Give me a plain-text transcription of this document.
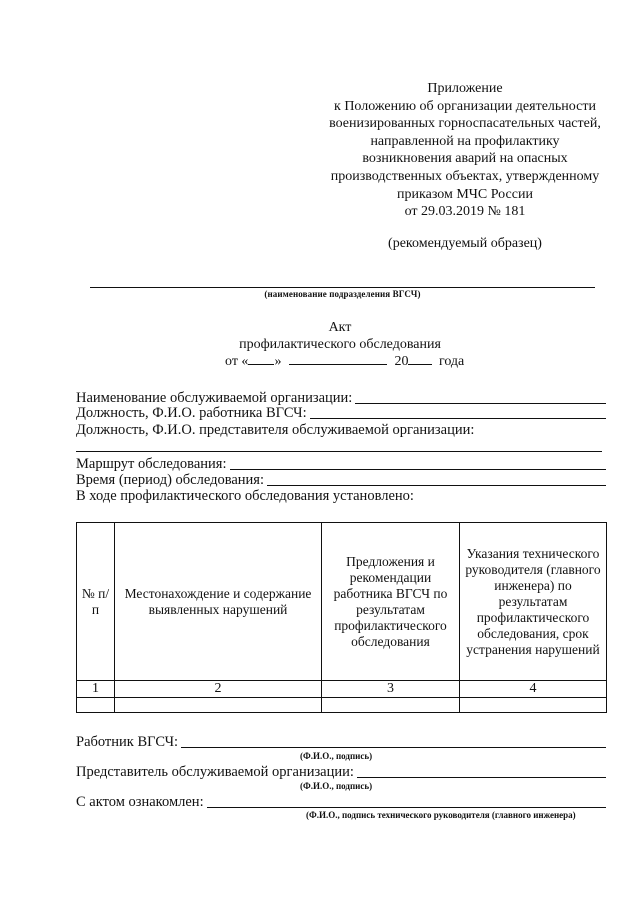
Приложение
к Положению об организации деятельности
военизированных горноспасательных частей,
направленной на профилактику
возникновения аварий на опасных
производственных объектах, утвержденному
приказом МЧС России
от 29.03.2019 № 181
(рекомендуемый образец)
(наименование подразделения ВГСЧ)
Акт
профилактического обследования
от « »	20 года
Наименование обслуживаемой организации:
Должность, Ф.И.О. работника ВГСЧ:
Должность, Ф.И.О. представителя обслуживаемой организации:
Маршрут обследования:
Время (период) обследования:
В ходе профилактического обследования установлено:
№ п/п	Местонахождение и содержание выявленных нарушений	Предложения и рекомендации работника ВГСЧ по результатам профилактического обследования	Указания технического руководителя (главного инженера) по результатам профилактического обследования, срок устранения нарушений
1	2	3	4

Работник ВГСЧ:
(Ф.И.О., подпись)
Представитель обслуживаемой организации:
(Ф.И.О., подпись)
С актом ознакомлен:
(Ф.И.О., подпись технического руководителя (главного инженера)
